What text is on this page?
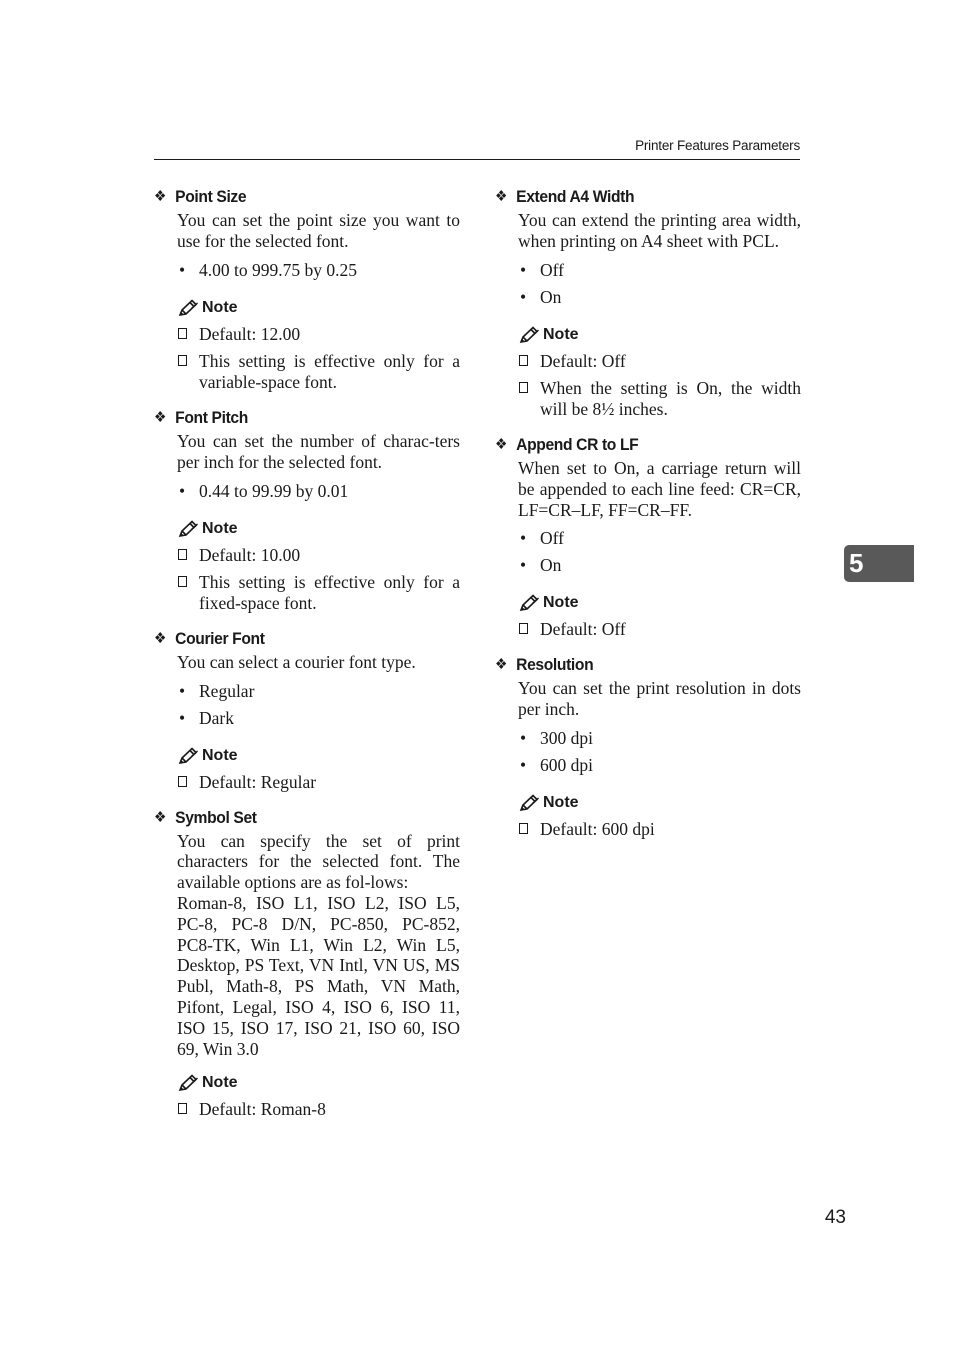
Printer Features Parameters
❖ Point Size
You can set the point size you want to use for the selected font.
• 4.00 to 999.75 by 0.25
Note
Default: 12.00
This setting is effective only for a variable-space font.
❖ Font Pitch
You can set the number of charac-ters per inch for the selected font.
• 0.44 to 99.99 by 0.01
Note
Default: 10.00
This setting is effective only for a fixed-space font.
❖ Courier Font
You can select a courier font type.
• Regular
• Dark
Note
Default: Regular
❖ Symbol Set
You can specify the set of print characters for the selected font. The available options are as fol-lows:
Roman-8, ISO L1, ISO L2, ISO L5, PC-8, PC-8 D/N, PC-850, PC-852, PC8-TK, Win L1, Win L2, Win L5, Desktop, PS Text, VN Intl, VN US, MS Publ, Math-8, PS Math, VN Math, Pifont, Legal, ISO 4, ISO 6, ISO 11, ISO 15, ISO 17, ISO 21, ISO 60, ISO 69, Win 3.0
Note
Default: Roman-8
❖ Extend A4 Width
You can extend the printing area width, when printing on A4 sheet with PCL.
• Off
• On
Note
Default: Off
When the setting is On, the width will be 8½ inches.
❖ Append CR to LF
When set to On, a carriage return will be appended to each line feed: CR=CR, LF=CR–LF, FF=CR–FF.
• Off
• On
Note
Default: Off
❖ Resolution
You can set the print resolution in dots per inch.
• 300 dpi
• 600 dpi
Note
Default: 600 dpi
5
43
